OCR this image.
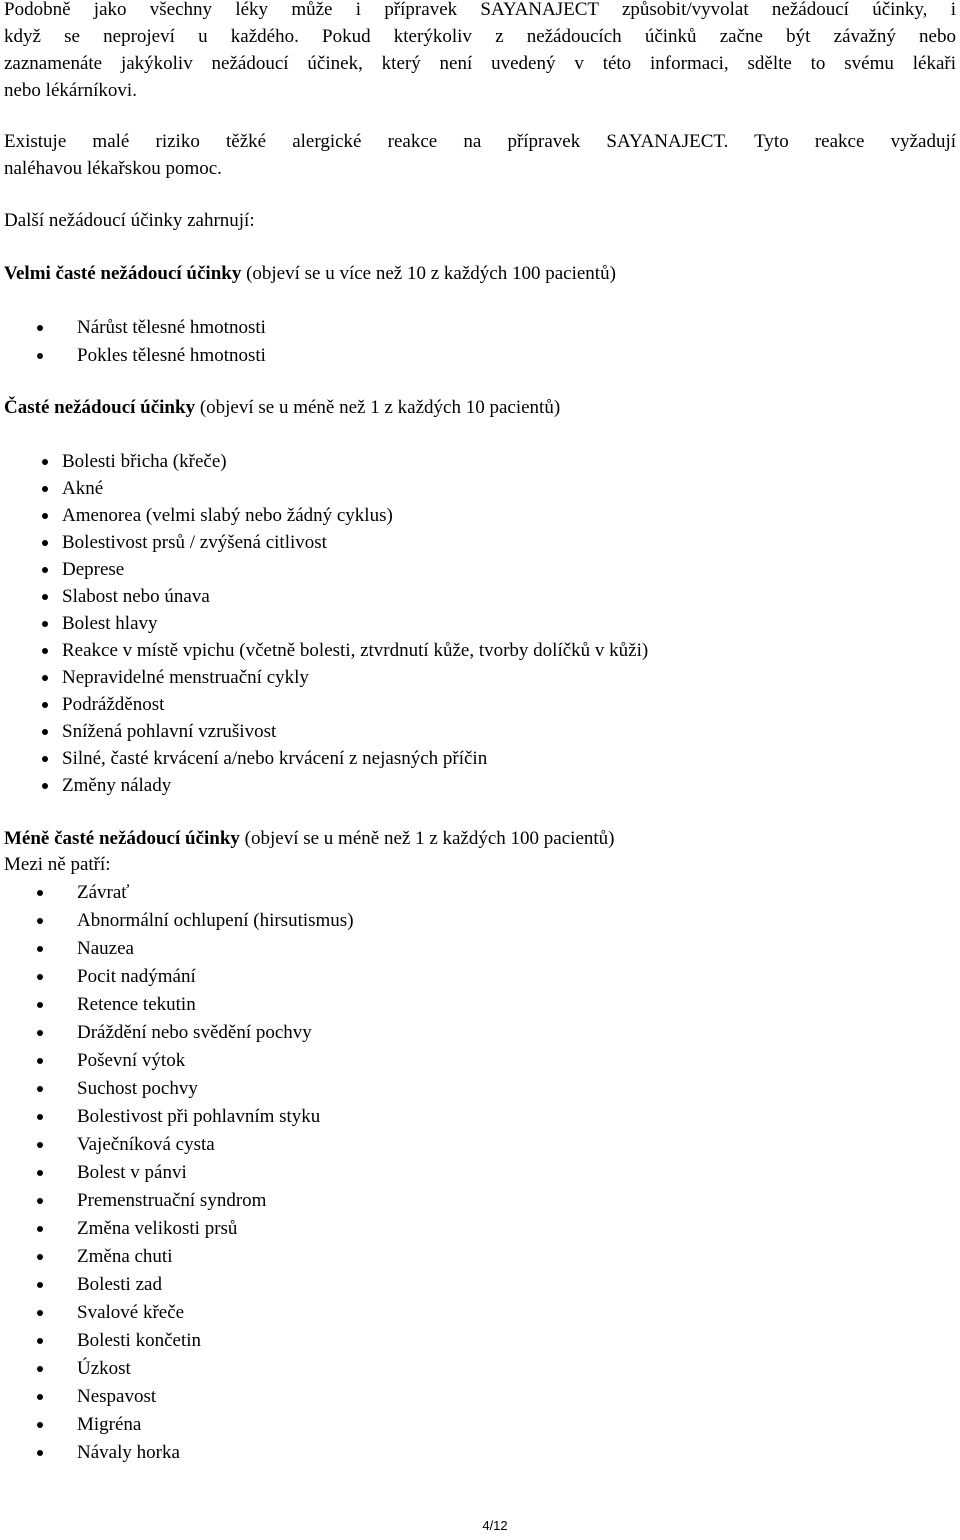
Podobně jako všechny léky může i přípravek SAYANAJECT způsobit/vyvolat nežádoucí účinky, i
když se neprojeví u každého. Pokud kterýkoliv z nežádoucích účinků začne být závažný nebo
zaznamenáte jakýkoliv nežádoucí účinek, který není uvedený v této informaci, sdělte to svému lékaři
nebo lékárníkovi.

Existuje malé riziko těžké alergické reakce na přípravek SAYANAJECT. Tyto reakce vyžadují
naléhavou lékařskou pomoc.

Další nežádoucí účinky zahrnují:

Velmi časté nežádoucí účinky (objeví se u více než 10 z každých 100 pacientů)

Nárůst tělesné hmotnosti
Pokles tělesné hmotnosti

Časté nežádoucí účinky (objeví se u méně než 1 z každých 10 pacientů)

Bolesti břicha (křeče)
Akné
Amenorea (velmi slabý nebo žádný cyklus)
Bolestivost prsů / zvýšená citlivost
Deprese
Slabost nebo únava
Bolest hlavy
Reakce v místě vpichu (včetně bolesti, ztvrdnutí kůže, tvorby dolíčků v kůži)
Nepravidelné menstruační cykly
Podrážděnost
Snížená pohlavní vzrušivost
Silné, časté krvácení a/nebo krvácení z nejasných příčin
Změny nálady

Méně časté nežádoucí účinky (objeví se u méně než 1 z každých 100 pacientů)

Mezi ně patří:

Závrať
Abnormální ochlupení (hirsutismus)
Nauzea
Pocit nadýmání
Retence tekutin
Dráždění nebo svědění pochvy
Poševní výtok
Suchost pochvy
Bolestivost při pohlavním styku
Vaječníková cysta
Bolest v pánvi
Premenstruační syndrom
Změna velikosti prsů
Změna chuti
Bolesti zad
Svalové křeče
Bolesti končetin
Úzkost
Nespavost
Migréna
Návaly horka
4/12
